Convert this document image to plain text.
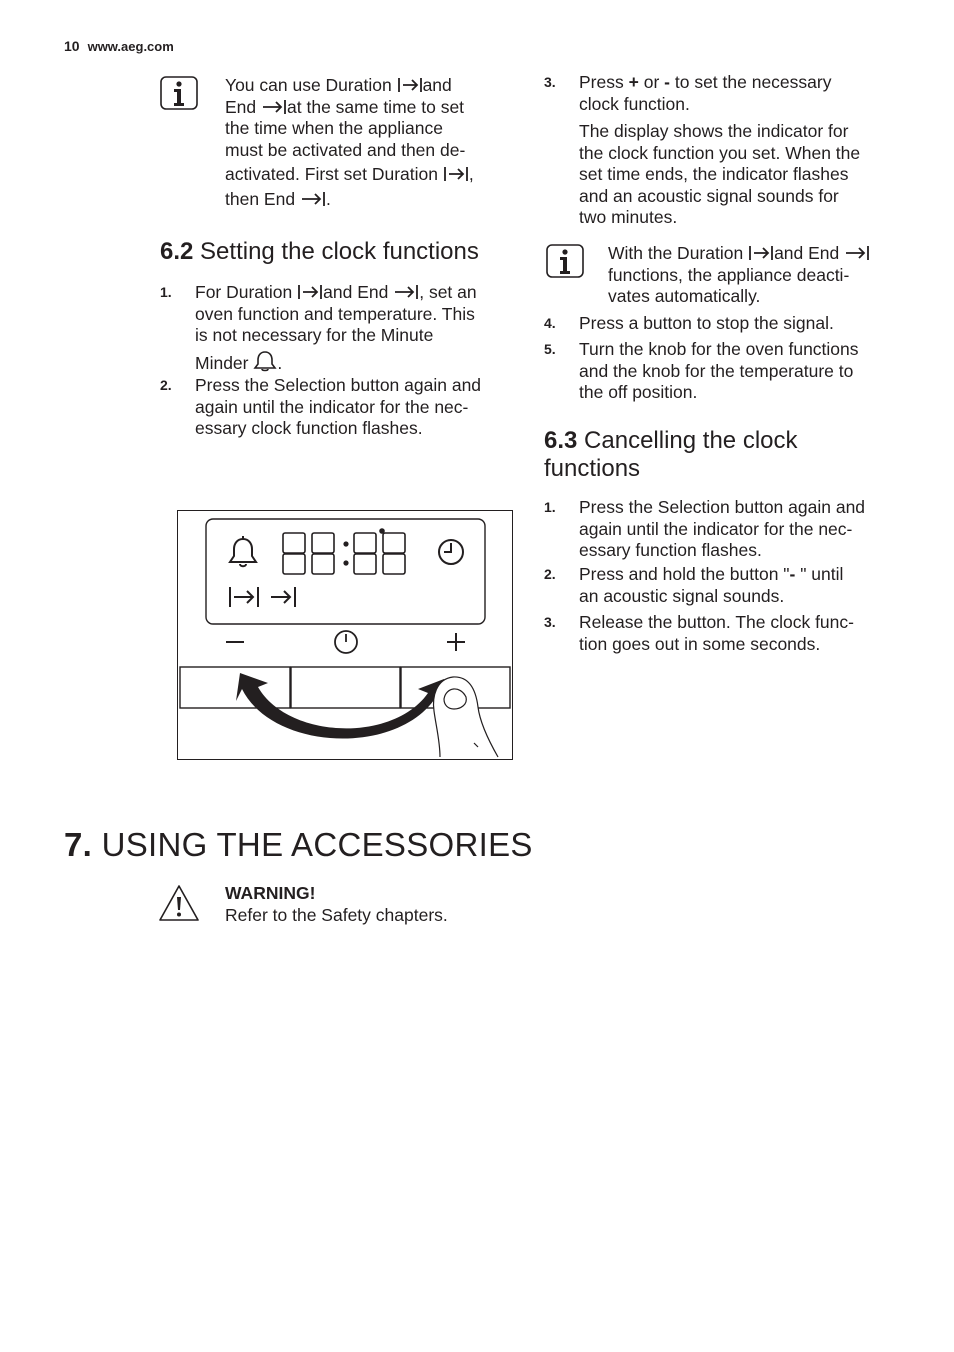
10 www.aeg.com
You can use Duration and
End at the same time to set
the time when the appliance
must be activated and then de-
activated. First set Duration ,
then End .
6.2 Setting the clock functions
1. For Duration and End , set an
oven function and temperature. This
is not necessary for the Minute
Minder .
2. Press the Selection button again and
again until the indicator for the nec-
essary clock function flashes.
3. Press + or - to set the necessary
clock function.
The display shows the indicator for
the clock function you set. When the
set time ends, the indicator flashes
and an acoustic signal sounds for
two minutes.
With the Duration and End
functions, the appliance deacti-
vates automatically.
4. Press a button to stop the signal.
5. Turn the knob for the oven functions
and the knob for the temperature to
the off position.
6.3 Cancelling the clock
functions
1. Press the Selection button again and
again until the indicator for the nec-
essary function flashes.
2. Press and hold the button "- " until
an acoustic signal sounds.
3. Release the button. The clock func-
tion goes out in some seconds.
7. USING THE ACCESSORIES
WARNING!
Refer to the Safety chapters.
